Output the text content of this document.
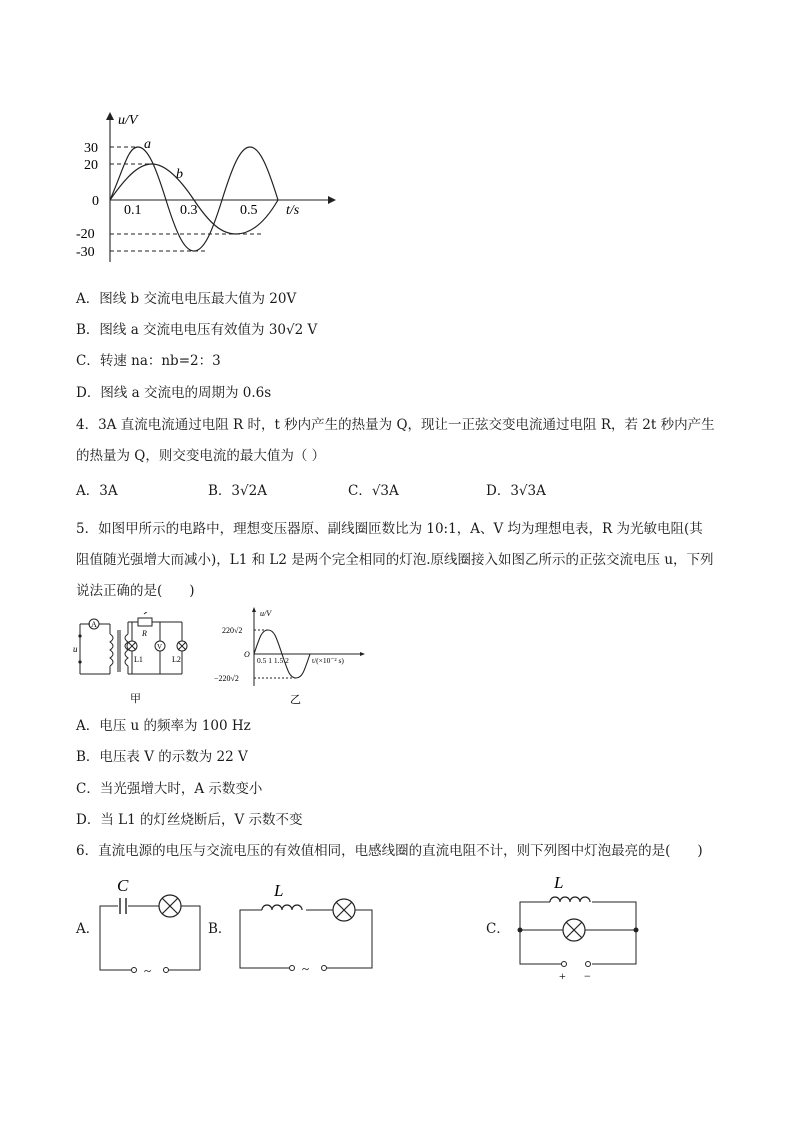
u/V
30
20
0
-20
-30
0.1	0.3	0.5 t/s
a
b
A．图线 b 交流电电压最大值为 20V
B．图线 a 交流电电压有效值为 30√2 V
C．转速 na：nb=2：3
D．图线 a 交流电的周期为 0.6s
4．3A 直流电流通过电阻 R 时，t 秒内产生的热量为 Q，现让一正弦交变电流通过电阻 R，若 2t 秒内产生
的热量为 Q，则交变电流的最大值为（ ）
A．3A	B．3√2A	C．√3A	D．3√3A
5．如图甲所示的电路中，理想变压器原、副线圈匝数比为 10:1，A、V 均为理想电表，R 为光敏电阻(其
阻值随光强增大而减小)，L1 和 L2 是两个完全相同的灯泡.原线圈接入如图乙所示的正弦交流电压 u，下列
说法正确的是(　　)
A
u
R
L1
V
L2
甲
u/V
220√2
−220√2
O
0.5 1 1.5 2	t/(×10⁻² s)
乙
A．电压 u 的频率为 100 Hz
B．电压表 V 的示数为 22 V
C．当光强增大时，A 示数变小
D．当 L1 的灯丝烧断后，V 示数不变
6．直流电源的电压与交流电压的有效值相同，电感线圈的直流电阻不计，则下列图中灯泡最亮的是(　　)
A．
~
C
B．
~
L
C．
+ −
L
